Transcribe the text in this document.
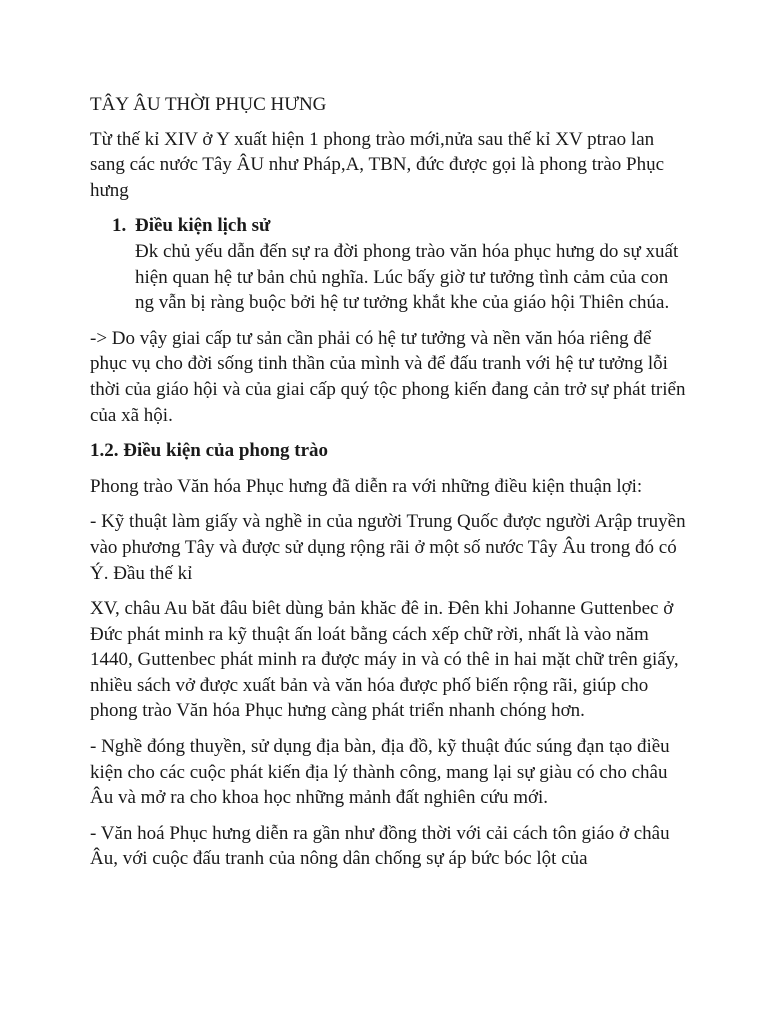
TÂY ÂU THỜI PHỤC HƯNG

Từ thế kỉ XIV ở Y xuất hiện 1 phong trào mới,nửa sau thế kỉ XV ptrao lan sang các nước Tây ÂU như Pháp,A, TBN, đức được gọi là phong trào Phục hưng

1. Điều kiện lịch sử
Đk chủ yếu dẫn đến sự ra đời phong trào văn hóa phục hưng do sự xuất hiện quan hệ tư bản chủ nghĩa. Lúc bấy giờ tư tưởng tình cảm của con ng vẫn bị ràng buộc bởi hệ tư tưởng khắt khe của giáo hội Thiên chúa.

-> Do vậy giai cấp tư sản cần phải có hệ tư tưởng và nền văn hóa riêng để phục vụ cho đời sống tinh thần của mình và để đấu tranh với hệ tư tưởng lỗi thời của giáo hội và của giai cấp quý tộc phong kiến đang cản trở sự phát triển của xã hội.

1.2. Điều kiện của phong trào

Phong trào Văn hóa Phục hưng đã diễn ra với những điều kiện thuận lợi:

- Kỹ thuật làm giấy và nghề in của người Trung Quốc được người Arập truyền vào phương Tây và được sử dụng rộng rãi ở một số nước Tây Âu trong đó có Ý. Đầu thế kỉ

XV, châu Au băt đâu biêt dùng bản khăc đê in. Đên khi Johanne Guttenbec ở Đức phát minh ra kỹ thuật ấn loát bằng cách xếp chữ rời, nhất là vào năm 1440, Guttenbec phát minh ra được máy in và có thê in hai mặt chữ trên giấy, nhiều sách vở được xuất bản và văn hóa được phố biến rộng rãi, giúp cho phong trào Văn hóa Phục hưng càng phát triển nhanh chóng hơn.

- Nghề đóng thuyền, sử dụng địa bàn, địa đồ, kỹ thuật đúc súng đạn tạo điều kiện cho các cuộc phát kiến địa lý thành công, mang lại sự giàu có cho châu Âu và mở ra cho khoa học những mảnh đất nghiên cứu mới.

- Văn hoá Phục hưng diễn ra gần như đồng thời với cải cách tôn giáo ở châu Âu, với cuộc đấu tranh của nông dân chống sự áp bức bóc lột của
